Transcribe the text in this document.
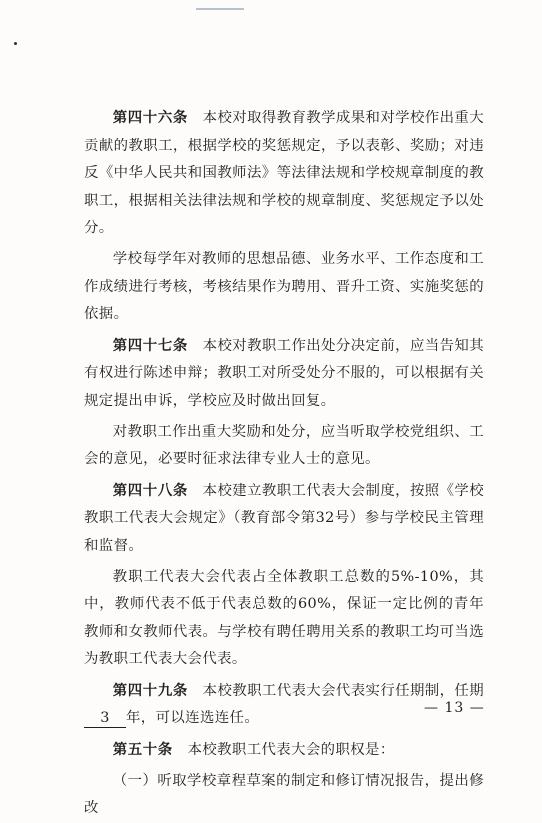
第四十六条　 本校对取得教育教学成果和对学校作出重大贡献的教职工，根据学校的奖惩规定，予以表彰、奖励；对违反《中华人民共和国教师法》等法律法规和学校规章制度的教职工，根据相关法律法规和学校的规章制度、奖惩规定予以处分。

学校每学年对教师的思想品德、业务水平、工作态度和工作成绩进行考核，考核结果作为聘用、晋升工资、实施奖惩的依据。

第四十七条　 本校对教职工作出处分决定前，应当告知其有权进行陈述申辩；教职工对所受处分不服的，可以根据有关规定提出申诉，学校应及时做出回复。

对教职工作出重大奖励和处分，应当听取学校党组织、工会的意见，必要时征求法律专业人士的意见。

第四十八条　 本校建立教职工代表大会制度，按照《学校教职工代表大会规定》（教育部令第32号）参与学校民主管理和监督。

教职工代表大会代表占全体教职工总数的5%-10%，其中，教师代表不低于代表总数的60%，保证一定比例的青年教师和女教师代表。与学校有聘任聘用关系的教职工均可当选为教职工代表大会代表。

第四十九条　 本校教职工代表大会代表实行任期制，任期3 年，可以连选连任。

第五十条　 本校教职工代表大会的职权是：

（一）听取学校章程草案的制定和修订情况报告，提出修改

— 13 —
